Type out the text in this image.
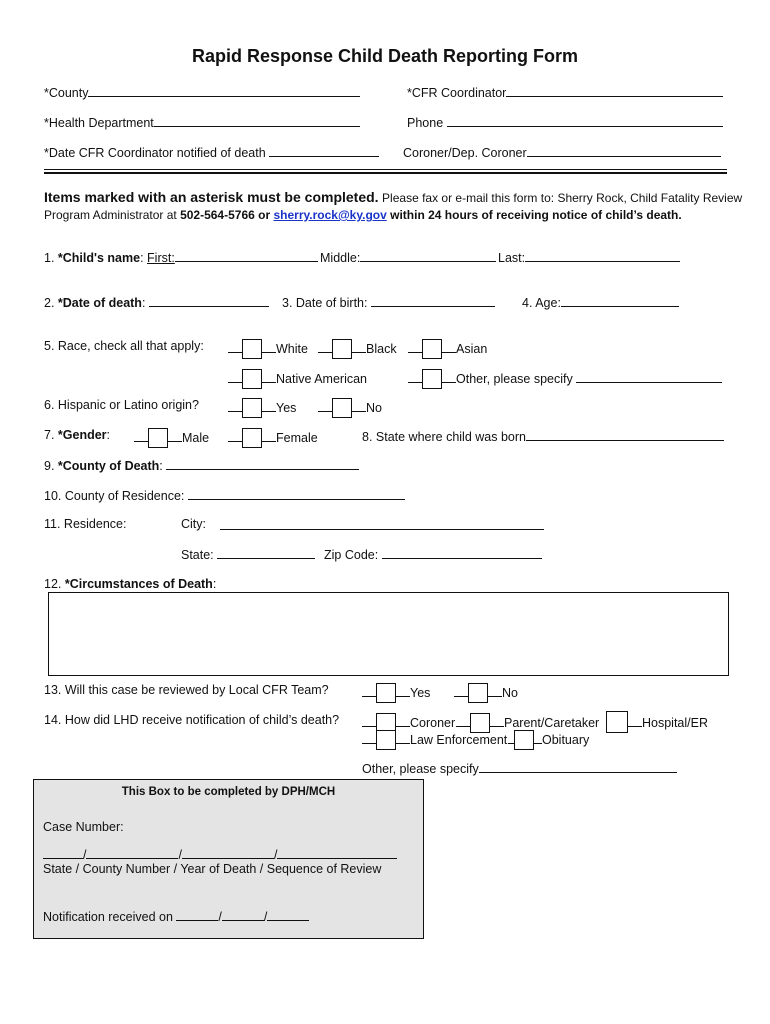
Rapid Response Child Death Reporting Form
*County	*CFR Coordinator
*Health Department	Phone
*Date CFR Coordinator notified of death	Coroner/Dep. Coroner
Items marked with an asterisk must be completed. Please fax or e-mail this form to: Sherry Rock, Child Fatality Review
Program Administrator at 502-564-5766 or sherry.rock@ky.gov within 24 hours of receiving notice of child’s death.
1. *Child's name: First:	Middle:	Last:
2. *Date of death:	3. Date of birth:	4. Age:
5. Race, check all that apply:	White	Black	Asian
Native American	Other, please specify
6. Hispanic or Latino origin?	Yes	No
7. *Gender:	Male	Female	8. State where child was born
9. *County of Death:
10. County of Residence:
11. Residence:	City:
State:	Zip Code:
12. *Circumstances of Death:
13. Will this case be reviewed by Local CFR Team?	Yes	No
14. How did LHD receive notification of child’s death?	Coroner	Parent/Caretaker	Hospital/ER
Law Enforcement	Obituary
Other, please specify
This Box to be completed by DPH/MCH
Case Number:
/	/	/
State / County Number / Year of Death / Sequence of Review
Notification received on	/	/
